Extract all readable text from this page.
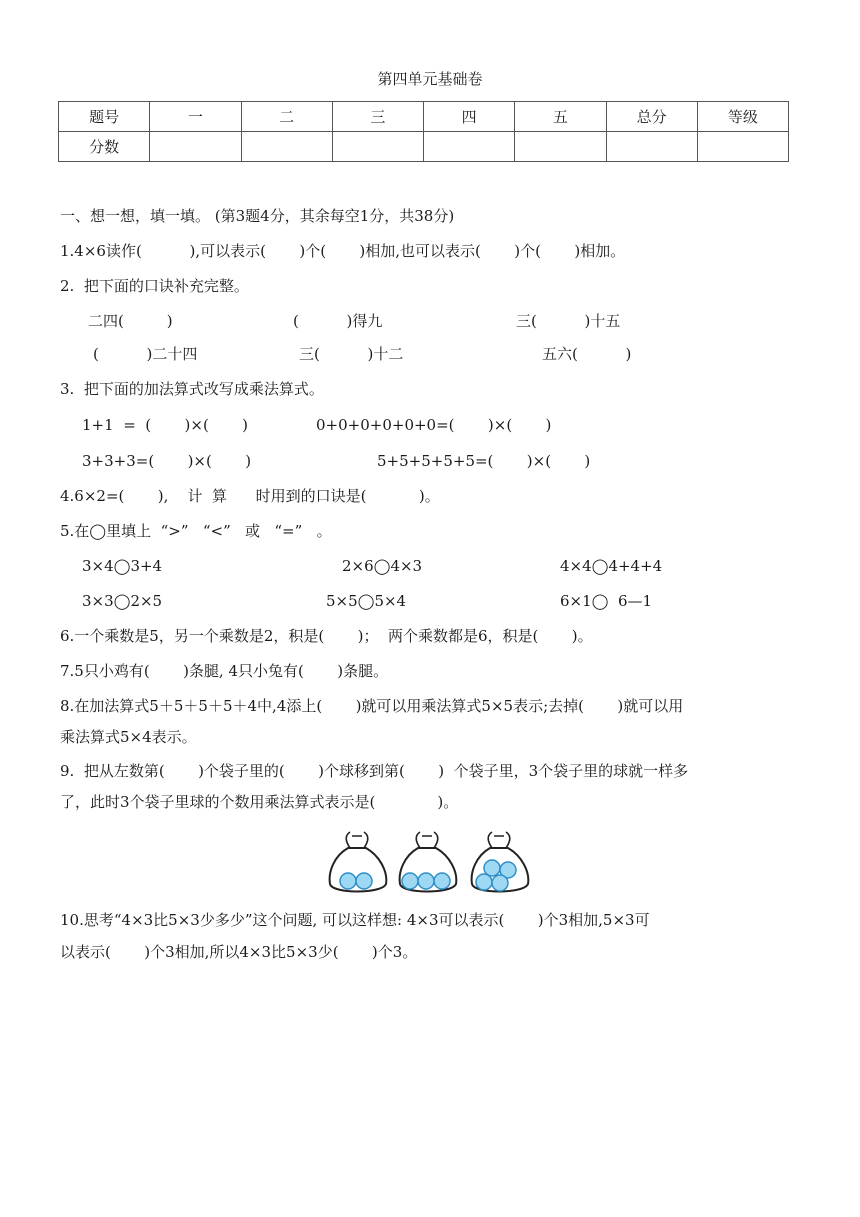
第四单元基础卷
题号	一	二	三	四	五	总分	等级
分数							
一、想一想，填一填。 (第3题4分，其余每空1分，共38分)
1.4×6读作(          ),可以表示(       )个(       )相加,也可以表示(       )个(       )相加。
2.  把下面的口诀补充完整。
二四(         )	(          )得九	三(          )十五
(          )二十四	三(          )十二	五六(          )
3.  把下面的加法算式改写成乘法算式。
1+1  =  (       )×(       )	0+0+0+0+0+0=(       )×(       )
3+3+3=(       )×(       )	5+5+5+5+5=(       )×(       )
4.6×2=(       ),    计  算      时用到的口诀是(           )。
5.在◯里填上  “>”   “<”   或   “=”   。
3×4◯3+4	2×6◯4×3	4×4◯4+4+4
3×3◯2×5	5×5◯5×4	6×1◯  6—1
6.一个乘数是5，另一个乘数是2，积是(       )；  两个乘数都是6，积是(       )。
7.5只小鸡有(       )条腿, 4只小兔有(       )条腿。
8.在加法算式5＋5＋5＋5＋4中,4添上(       )就可以用乘法算式5×5表示;去掉(       )就可以用
乘法算式5×4表示。
9.  把从左数第(       )个袋子里的(       )个球移到第(       )  个袋子里，3个袋子里的球就一样多
了，此时3个袋子里球的个数用乘法算式表示是(             )。
10.思考“4×3比5×3少多少”这个问题, 可以这样想: 4×3可以表示(       )个3相加,5×3可
以表示(       )个3相加,所以4×3比5×3少(       )个3。
